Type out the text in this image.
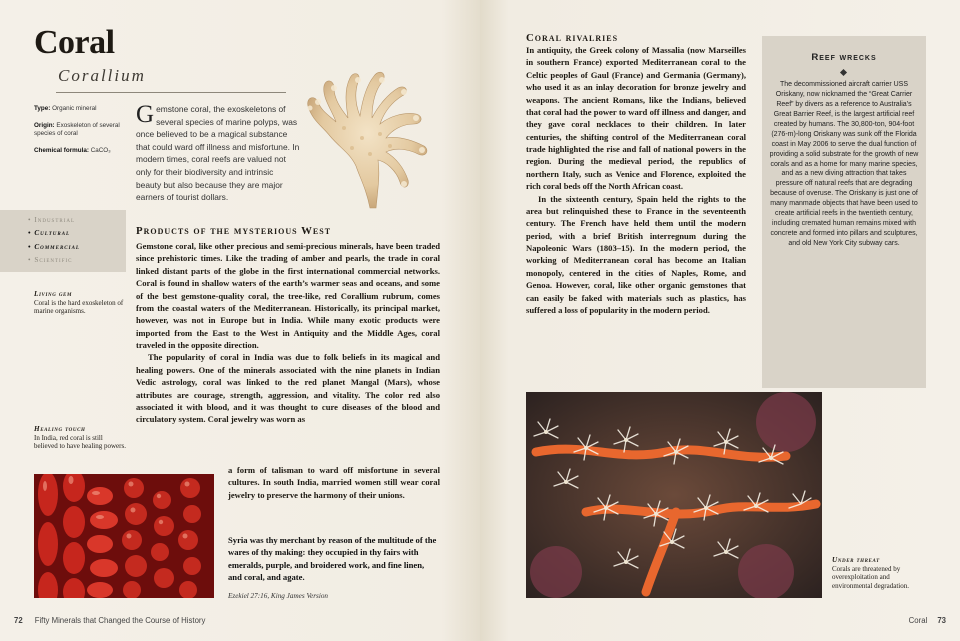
Coral
Corallium
Type: Organic mineral
Origin: Exoskeleton of several species of coral
Chemical formula: CaCO₃
Gemstone coral, the exoskeletons of several species of marine polyps, was once believed to be a magical substance that could ward off illness and misfortune. In modern times, coral reefs are valued not only for their biodiversity and intrinsic beauty but also because they are major earners of tourist dollars.
• Industrial
• Cultural
• Commercial
• Scientific
Living gem
Coral is the hard exoskeleton of marine organisms.
Products of the mysterious West

Gemstone coral, like other precious and semi-precious minerals, have been traded since prehistoric times. Like the trading of amber and pearls, the trade in coral linked distant parts of the globe in the first international commercial networks. Coral is found in shallow waters of the earth’s warmer seas and oceans, and some of the best gemstone-quality coral, the tree-like, red Corallium rubrum, comes from the coastal waters of the Mediterranean. Historically, its principal market, however, was not in Europe but in India. While many exotic products were imported from the East to the West in Antiquity and the Middle Ages, coral traveled in the opposite direction.

The popularity of coral in India was due to folk beliefs in its magical and healing powers. One of the minerals associated with the nine planets in Indian Vedic astrology, coral was linked to the red planet Mangal (Mars), whose attributes are courage, strength, aggression, and vitality. The color red also associated it with blood, and it was thought to cure diseases of the blood and circulatory system. Coral jewelry was worn as

Healing touch
In India, red coral is still believed to have healing powers.

a form of talisman to ward off misfortune in several cultures. In south India, married women still wear coral jewelry to preserve the harmony of their unions.

Syria was thy merchant by reason of the multitude of the wares of thy making: they occupied in thy fairs with emeralds, purple, and broidered work, and fine linen, and coral, and agate.
Ezekiel 27:16, King James Version
72 Fifty Minerals that Changed the Course of History
Coral rivalries

In antiquity, the Greek colony of Massalia (now Marseilles in southern France) exported Mediterranean coral to the Celtic peoples of Gaul (France) and Germania (Germany), who used it as an inlay decoration for bronze jewelry and weapons. The ancient Romans, like the Indians, believed that coral had the power to ward off illness and danger, and they gave coral necklaces to their children. In later centuries, the shifting control of the Mediterranean coral trade highlighted the rise and fall of national powers in the region. During the medieval period, the republics of northern Italy, such as Venice and Florence, exploited the rich coral beds off the North African coast.

In the sixteenth century, Spain held the rights to the area but relinquished these to France in the seventeenth century. The French have held them until the modern period, with a brief British interregnum during the Napoleonic Wars (1803–15). In the modern period, the working of Mediterranean coral has become an Italian monopoly, centered in the cities of Naples, Rome, and Genoa. However, coral, like other organic gemstones that can easily be faked with materials such as plastics, has suffered a loss of popularity in the modern period.

Reef wrecks
The decommissioned aircraft carrier USS Oriskany, now nicknamed the “Great Carrier Reef” by divers as a reference to Australia’s Great Barrier Reef, is the largest artificial reef created by humans. The 30,800-ton, 904-foot (276-m)-long Oriskany was sunk off the Florida coast in May 2006 to serve the dual function of providing a solid substrate for the growth of new corals and as a home for many marine species, and as a new diving attraction that takes pressure off natural reefs that are degrading because of overuse. The Oriskany is just one of many manmade objects that have been used to create artificial reefs in the twentieth century, including cremated human remains mixed with concrete and formed into pillars and sculptures, and old New York City subway cars.
Under threat
Corals are threatened by overexploitation and environmental degradation.
Coral 73
